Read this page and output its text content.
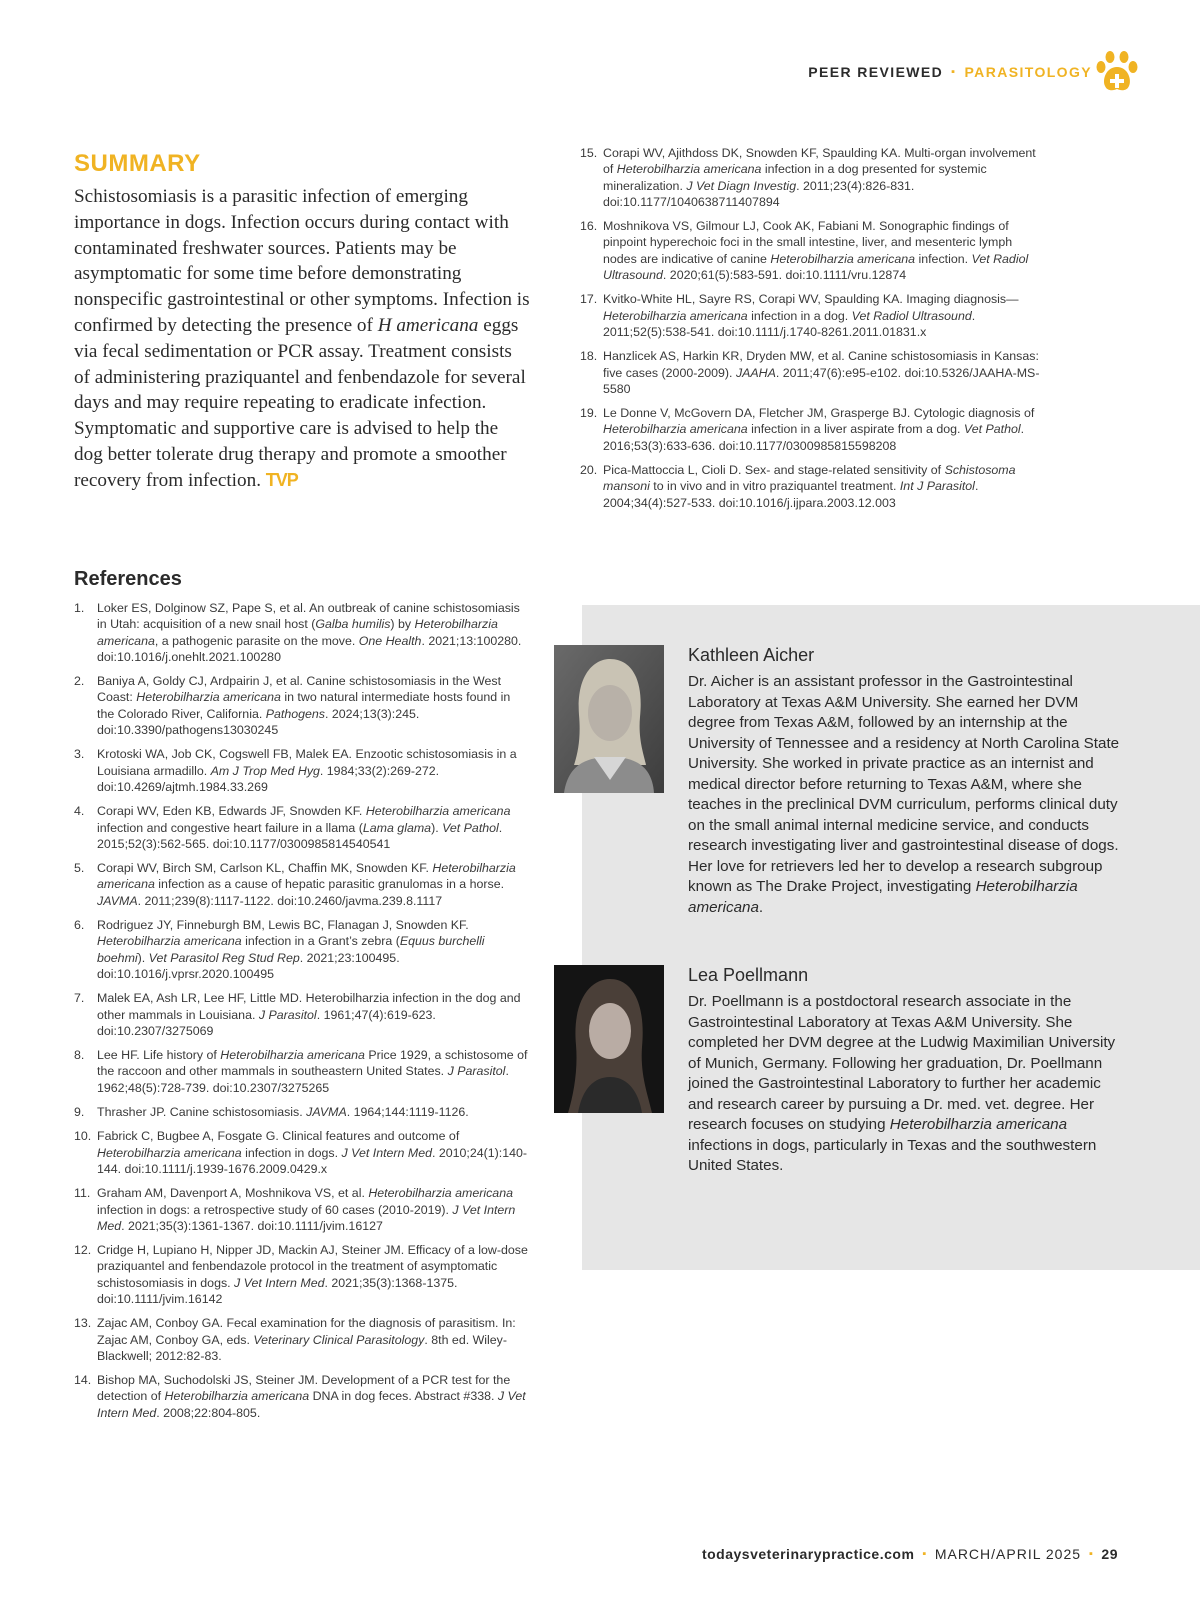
PEER REVIEWED ▪ PARASITOLOGY
SUMMARY

Schistosomiasis is a parasitic infection of emerging importance in dogs. Infection occurs during contact with contaminated freshwater sources. Patients may be asymptomatic for some time before demonstrating nonspecific gastrointestinal or other symptoms. Infection is confirmed by detecting the presence of H americana eggs via fecal sedimentation or PCR assay. Treatment consists of administering praziquantel and fenbendazole for several days and may require repeating to eradicate infection. Symptomatic and supportive care is advised to help the dog better tolerate drug therapy and promote a smoother recovery from infection. TVP

References
1. Loker ES, Dolginow SZ, Pape S, et al. An outbreak of canine schistosomiasis in Utah: acquisition of a new snail host (Galba humilis) by Heterobilharzia americana, a pathogenic parasite on the move. One Health. 2021;13:100280. doi:10.1016/j.onehlt.2021.100280
2. Baniya A, Goldy CJ, Ardpairin J, et al. Canine schistosomiasis in the West Coast: Heterobilharzia americana in two natural intermediate hosts found in the Colorado River, California. Pathogens. 2024;13(3):245. doi:10.3390/pathogens13030245
3. Krotoski WA, Job CK, Cogswell FB, Malek EA. Enzootic schistosomiasis in a Louisiana armadillo. Am J Trop Med Hyg. 1984;33(2):269-272. doi:10.4269/ajtmh.1984.33.269
4. Corapi WV, Eden KB, Edwards JF, Snowden KF. Heterobilharzia americana infection and congestive heart failure in a llama (Lama glama). Vet Pathol. 2015;52(3):562-565. doi:10.1177/0300985814540541
5. Corapi WV, Birch SM, Carlson KL, Chaffin MK, Snowden KF. Heterobilharzia americana infection as a cause of hepatic parasitic granulomas in a horse. JAVMA. 2011;239(8):1117-1122. doi:10.2460/javma.239.8.1117
6. Rodriguez JY, Finneburgh BM, Lewis BC, Flanagan J, Snowden KF. Heterobilharzia americana infection in a Grant’s zebra (Equus burchelli boehmi). Vet Parasitol Reg Stud Rep. 2021;23:100495. doi:10.1016/j.vprsr.2020.100495
7. Malek EA, Ash LR, Lee HF, Little MD. Heterobilharzia infection in the dog and other mammals in Louisiana. J Parasitol. 1961;47(4):619-623. doi:10.2307/3275069
8. Lee HF. Life history of Heterobilharzia americana Price 1929, a schistosome of the raccoon and other mammals in southeastern United States. J Parasitol. 1962;48(5):728-739. doi:10.2307/3275265
9. Thrasher JP. Canine schistosomiasis. JAVMA. 1964;144:1119-1126.
10. Fabrick C, Bugbee A, Fosgate G. Clinical features and outcome of Heterobilharzia americana infection in dogs. J Vet Intern Med. 2010;24(1):140-144. doi:10.1111/j.1939-1676.2009.0429.x
11. Graham AM, Davenport A, Moshnikova VS, et al. Heterobilharzia americana infection in dogs: a retrospective study of 60 cases (2010-2019). J Vet Intern Med. 2021;35(3):1361-1367. doi:10.1111/jvim.16127
12. Cridge H, Lupiano H, Nipper JD, Mackin AJ, Steiner JM. Efficacy of a low-dose praziquantel and fenbendazole protocol in the treatment of asymptomatic schistosomiasis in dogs. J Vet Intern Med. 2021;35(3):1368-1375. doi:10.1111/jvim.16142
13. Zajac AM, Conboy GA. Fecal examination for the diagnosis of parasitism. In: Zajac AM, Conboy GA, eds. Veterinary Clinical Parasitology. 8th ed. Wiley-Blackwell; 2012:82-83.
14. Bishop MA, Suchodolski JS, Steiner JM. Development of a PCR test for the detection of Heterobilharzia americana DNA in dog feces. Abstract #338. J Vet Intern Med. 2008;22:804-805.
15. Corapi WV, Ajithdoss DK, Snowden KF, Spaulding KA. Multi-organ involvement of Heterobilharzia americana infection in a dog presented for systemic mineralization. J Vet Diagn Investig. 2011;23(4):826-831. doi:10.1177/1040638711407894
16. Moshnikova VS, Gilmour LJ, Cook AK, Fabiani M. Sonographic findings of pinpoint hyperechoic foci in the small intestine, liver, and mesenteric lymph nodes are indicative of canine Heterobilharzia americana infection. Vet Radiol Ultrasound. 2020;61(5):583-591. doi:10.1111/vru.12874
17. Kvitko-White HL, Sayre RS, Corapi WV, Spaulding KA. Imaging diagnosis—Heterobilharzia americana infection in a dog. Vet Radiol Ultrasound. 2011;52(5):538-541. doi:10.1111/j.1740-8261.2011.01831.x
18. Hanzlicek AS, Harkin KR, Dryden MW, et al. Canine schistosomiasis in Kansas: five cases (2000-2009). JAAHA. 2011;47(6):e95-e102. doi:10.5326/JAAHA-MS-5580
19. Le Donne V, McGovern DA, Fletcher JM, Grasperge BJ. Cytologic diagnosis of Heterobilharzia americana infection in a liver aspirate from a dog. Vet Pathol. 2016;53(3):633-636. doi:10.1177/0300985815598208
20. Pica-Mattoccia L, Cioli D. Sex- and stage-related sensitivity of Schistosoma mansoni to in vivo and in vitro praziquantel treatment. Int J Parasitol. 2004;34(4):527-533. doi:10.1016/j.ijpara.2003.12.003
Kathleen Aicher

Dr. Aicher is an assistant professor in the Gastrointestinal Laboratory at Texas A&M University. She earned her DVM degree from Texas A&M, followed by an internship at the University of Tennessee and a residency at North Carolina State University. She worked in private practice as an internist and medical director before returning to Texas A&M, where she teaches in the preclinical DVM curriculum, performs clinical duty on the small animal internal medicine service, and conducts research investigating liver and gastrointestinal disease of dogs. Her love for retrievers led her to develop a research subgroup known as The Drake Project, investigating Heterobilharzia americana.

Lea Poellmann

Dr. Poellmann is a postdoctoral research associate in the Gastrointestinal Laboratory at Texas A&M University. She completed her DVM degree at the Ludwig Maximilian University of Munich, Germany. Following her graduation, Dr. Poellmann joined the Gastrointestinal Laboratory to further her academic and research career by pursuing a Dr. med. vet. degree. Her research focuses on studying Heterobilharzia americana infections in dogs, particularly in Texas and the southwestern United States.

todaysveterinarypractice.com ▪ MARCH/APRIL 2025 ▪ 29
